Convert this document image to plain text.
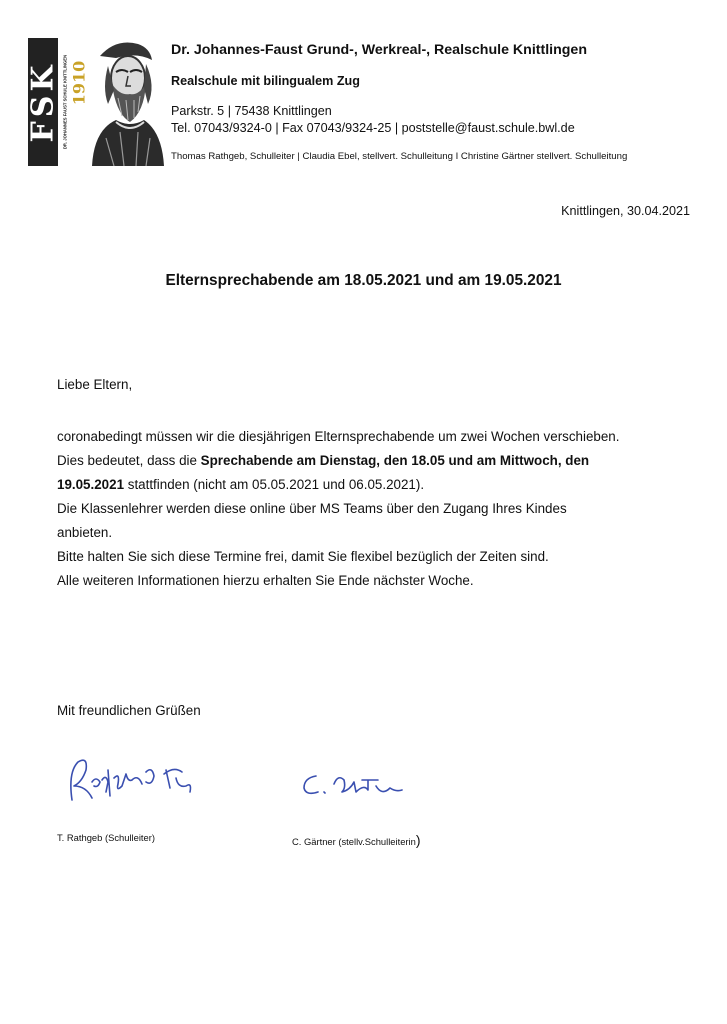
FSK DR. JOHANNES FAUST SCHULE KNITTLINGEN 1910
Dr. Johannes-Faust Grund-, Werkreal-, Realschule Knittlingen
Realschule mit bilingualem Zug
Parkstr. 5 | 75438 Knittlingen
Tel. 07043/9324-0 | Fax 07043/9324-25 | poststelle@faust.schule.bwl.de
Thomas Rathgeb, Schulleiter | Claudia Ebel, stellvert. Schulleitung I Christine Gärtner stellvert. Schulleitung
Knittlingen, 30.04.2021
Elternsprechabende am 18.05.2021 und am 19.05.2021
Liebe Eltern,
coronabedingt müssen wir die diesjährigen Elternsprechabende um zwei Wochen verschieben.
Dies bedeutet, dass die Sprechabende am Dienstag, den 18.05 und am Mittwoch, den
19.05.2021 stattfinden (nicht am 05.05.2021 und 06.05.2021).
Die Klassenlehrer werden diese online über MS Teams über den Zugang Ihres Kindes
anbieten.
Bitte halten Sie sich diese Termine frei, damit Sie flexibel bezüglich der Zeiten sind.
Alle weiteren Informationen hierzu erhalten Sie Ende nächster Woche.
Mit freundlichen Grüßen
T. Rathgeb (Schulleiter)	C. Gärtner (stellv.Schulleiterin)
